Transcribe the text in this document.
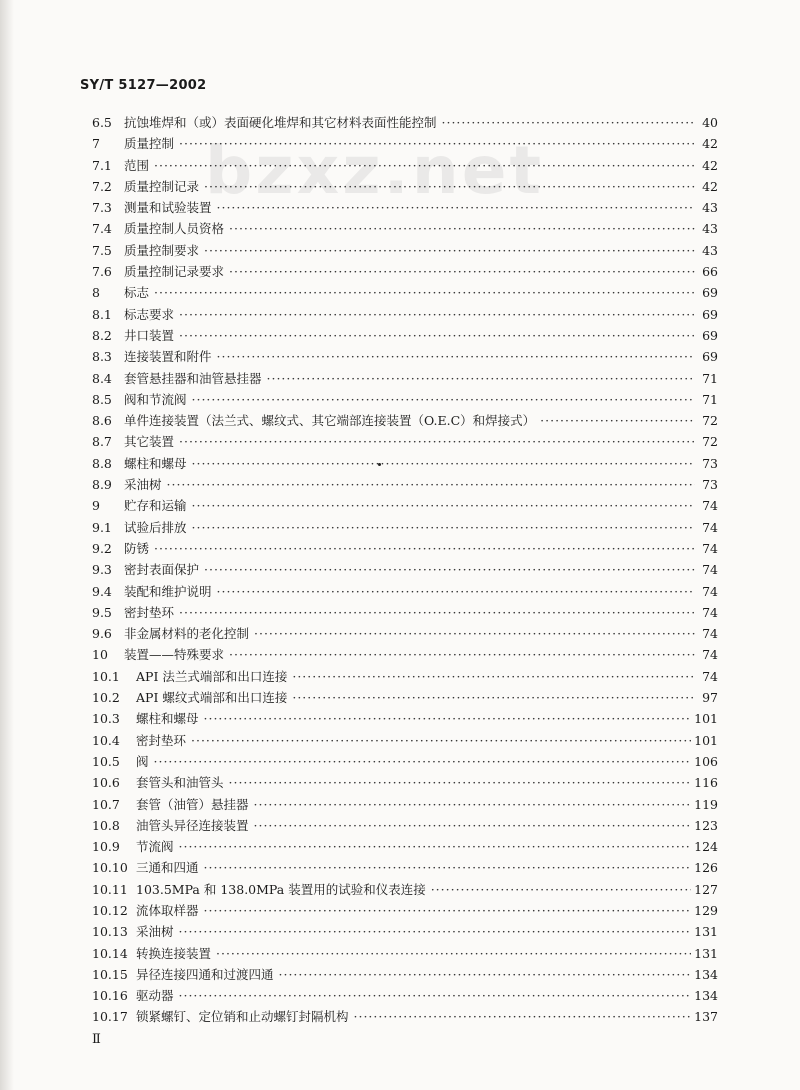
bzxz.net
SY/T 5127—2002
6.5 抗蚀堆焊和（或）表面硬化堆焊和其它材料表面性能控制 ·····	40
7	质量控制 ·····	42
7.1 范围 ·····	42
7.2 质量控制记录 ·····	42
7.3 测量和试验装置 ·····	43
7.4 质量控制人员资格 ·····	43
7.5 质量控制要求 ·····	43
7.6 质量控制记录要求 ·····	66
8	标志 ·····	69
8.1 标志要求 ·····	69
8.2 井口装置 ·····	69
8.3 连接装置和附件 ·····	69
8.4 套管悬挂器和油管悬挂器 ·····	71
8.5 阀和节流阀 ·····	71
8.6 单件连接装置（法兰式、螺纹式、其它端部连接装置（O.E.C）和焊接式） ·····	72
8.7 其它装置 ·····	72
8.8 螺柱和螺母 ·····	73
8.9 采油树 ·····	73
9	贮存和运输 ·····	74
9.1 试验后排放 ·····	74
9.2 防锈 ·····	74
9.3 密封表面保护 ·····	74
9.4 装配和维护说明 ·····	74
9.5 密封垫环 ·····	74
9.6 非金属材料的老化控制 ·····	74
10	装置——特殊要求 ·····	74
10.1	API 法兰式端部和出口连接 ·····	74
10.2	API 螺纹式端部和出口连接 ·····	97
10.3	螺柱和螺母 ·····	101
10.4	密封垫环 ·····	101
10.5	阀 ·····	106
10.6	套管头和油管头 ·····	116
10.7	套管（油管）悬挂器 ·····	119
10.8	油管头异径连接装置 ·····	123
10.9	节流阀 ·····	124
10.10 三通和四通 ·····	126
10.11 103.5MPa 和 138.0MPa 装置用的试验和仪表连接 ·····	127
10.12 流体取样器 ·····	129
10.13 采油树 ·····	131
10.14 转换连接装置 ·····	131
10.15 异径连接四通和过渡四通 ·····	134
10.16 驱动器 ·····	134
10.17 锁紧螺钉、定位销和止动螺钉封隔机构 ·····	137
Ⅱ
